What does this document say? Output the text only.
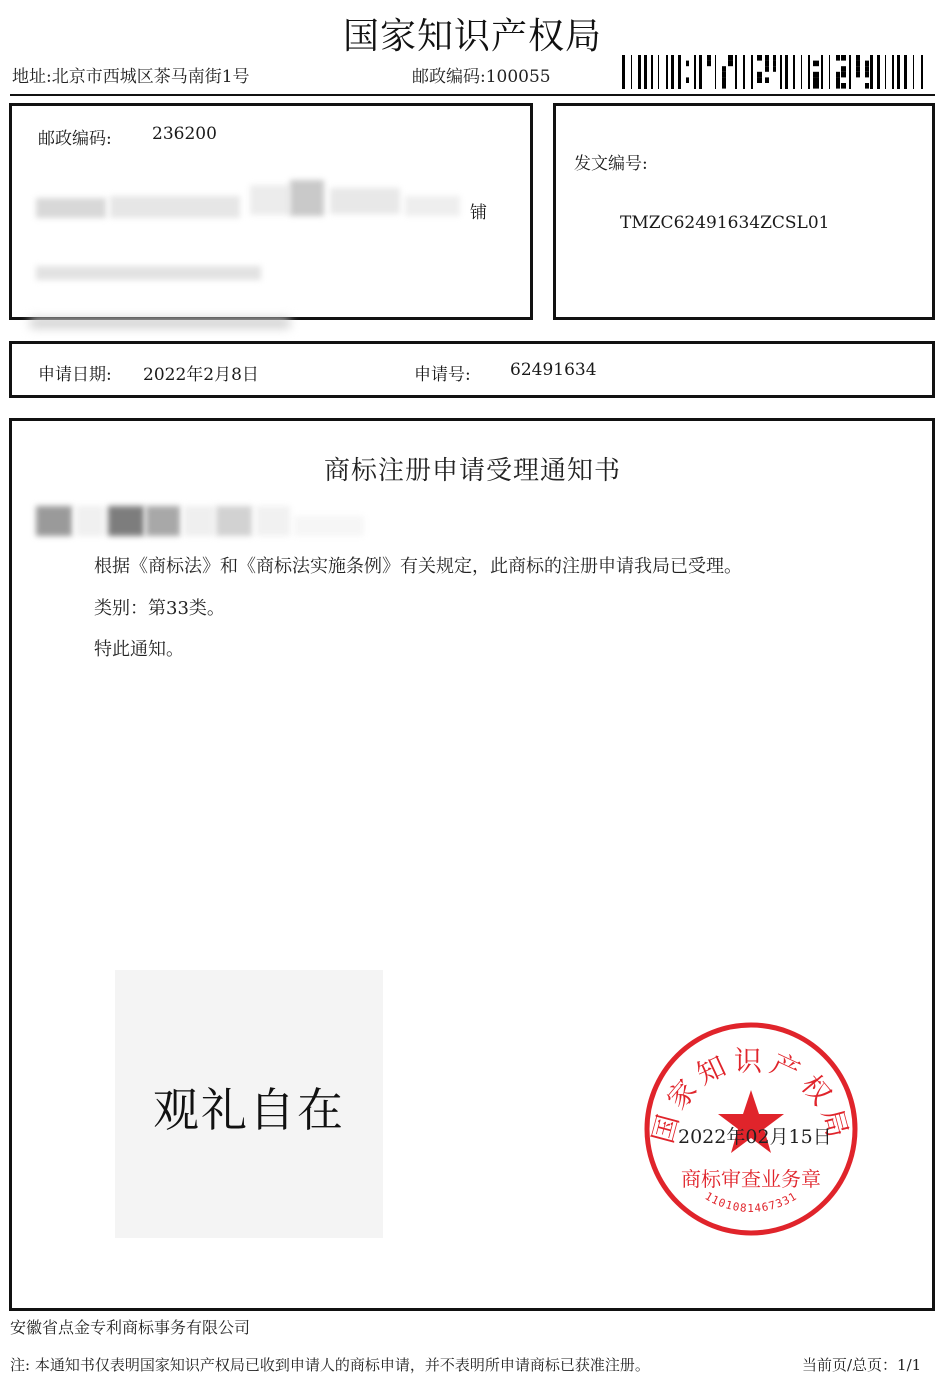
国家知识产权局
地址:北京市西城区茶马南街1号	邮政编码:100055
邮政编码: 236200
铺
发文编号:
TMZC62491634ZCSL01
申请日期: 2022年2月8日	申请号: 62491634
商标注册申请受理通知书
根据《商标法》和《商标法实施条例》有关规定，此商标的注册申请我局已受理。
类别：第33类。
特此通知。
观礼自在	国家知识产权局
商标审查业务章
1101081467331
2022年02月15日
安徽省点金专利商标事务有限公司
注: 本通知书仅表明国家知识产权局已收到申请人的商标申请，并不表明所申请商标已获准注册。	当前页/总页：1/1
